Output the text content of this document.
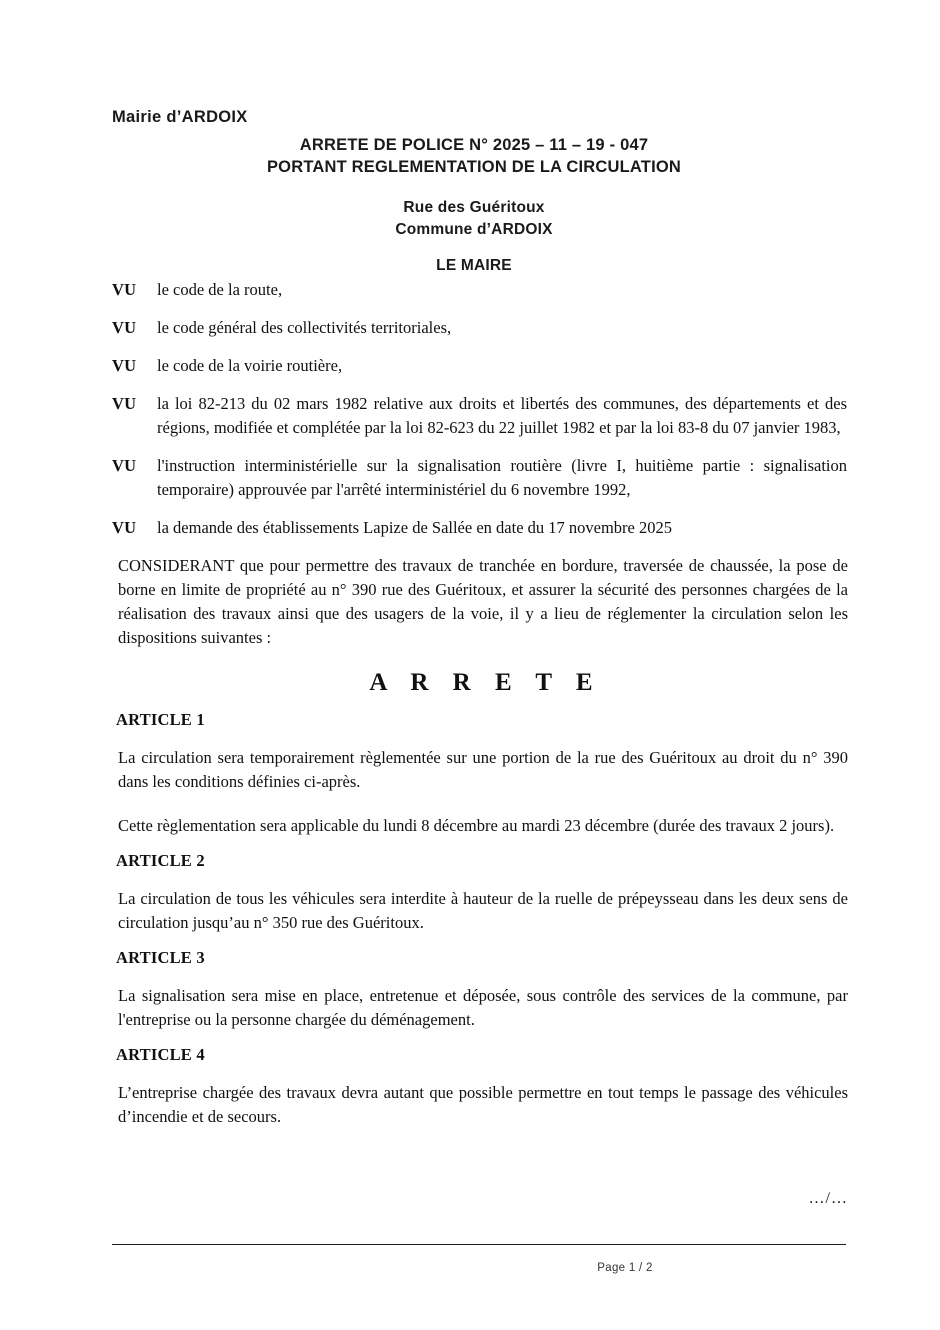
Mairie d’ARDOIX
ARRETE DE POLICE N° 2025 – 11 – 19 - 047
PORTANT REGLEMENTATION DE LA CIRCULATION
Rue des Guéritoux
Commune d’ARDOIX
LE MAIRE
VU	le code de la route,
VU	le code général des collectivités territoriales,
VU	le code de la voirie routière,
VU	la loi 82-213 du 02 mars 1982 relative aux droits et libertés des communes, des départements et des régions, modifiée et complétée par la loi 82-623 du 22 juillet 1982 et par la loi 83-8 du 07 janvier 1983,
VU	l'instruction interministérielle sur la signalisation routière (livre I, huitième partie : signalisation temporaire) approuvée par l'arrêté interministériel du 6 novembre 1992,
VU	la demande des établissements Lapize de Sallée en date du 17 novembre 2025
CONSIDERANT que pour permettre des travaux de tranchée en bordure, traversée de chaussée, la pose de borne en limite de propriété au n° 390 rue des Guéritoux, et assurer la sécurité des personnes chargées de la réalisation des travaux ainsi que des usagers de la voie, il y a lieu de réglementer la circulation selon les dispositions suivantes :
A R R E T E
ARTICLE 1
La circulation sera temporairement règlementée sur une portion de la rue des Guéritoux au droit du n° 390 dans les conditions définies ci-après.
Cette règlementation sera applicable du lundi 8 décembre au mardi 23 décembre (durée des travaux 2 jours).
ARTICLE 2
La circulation de tous les véhicules sera interdite à hauteur de la ruelle de prépeysseau dans les deux sens de circulation jusqu’au n° 350 rue des Guéritoux.
ARTICLE 3
La signalisation sera mise en place, entretenue et déposée, sous contrôle des services de la commune, par l'entreprise ou la personne chargée du déménagement.
ARTICLE 4
L’entreprise chargée des travaux devra autant que possible permettre en tout temps le passage des véhicules d’incendie et de secours.
…/…
Page 1 / 2
